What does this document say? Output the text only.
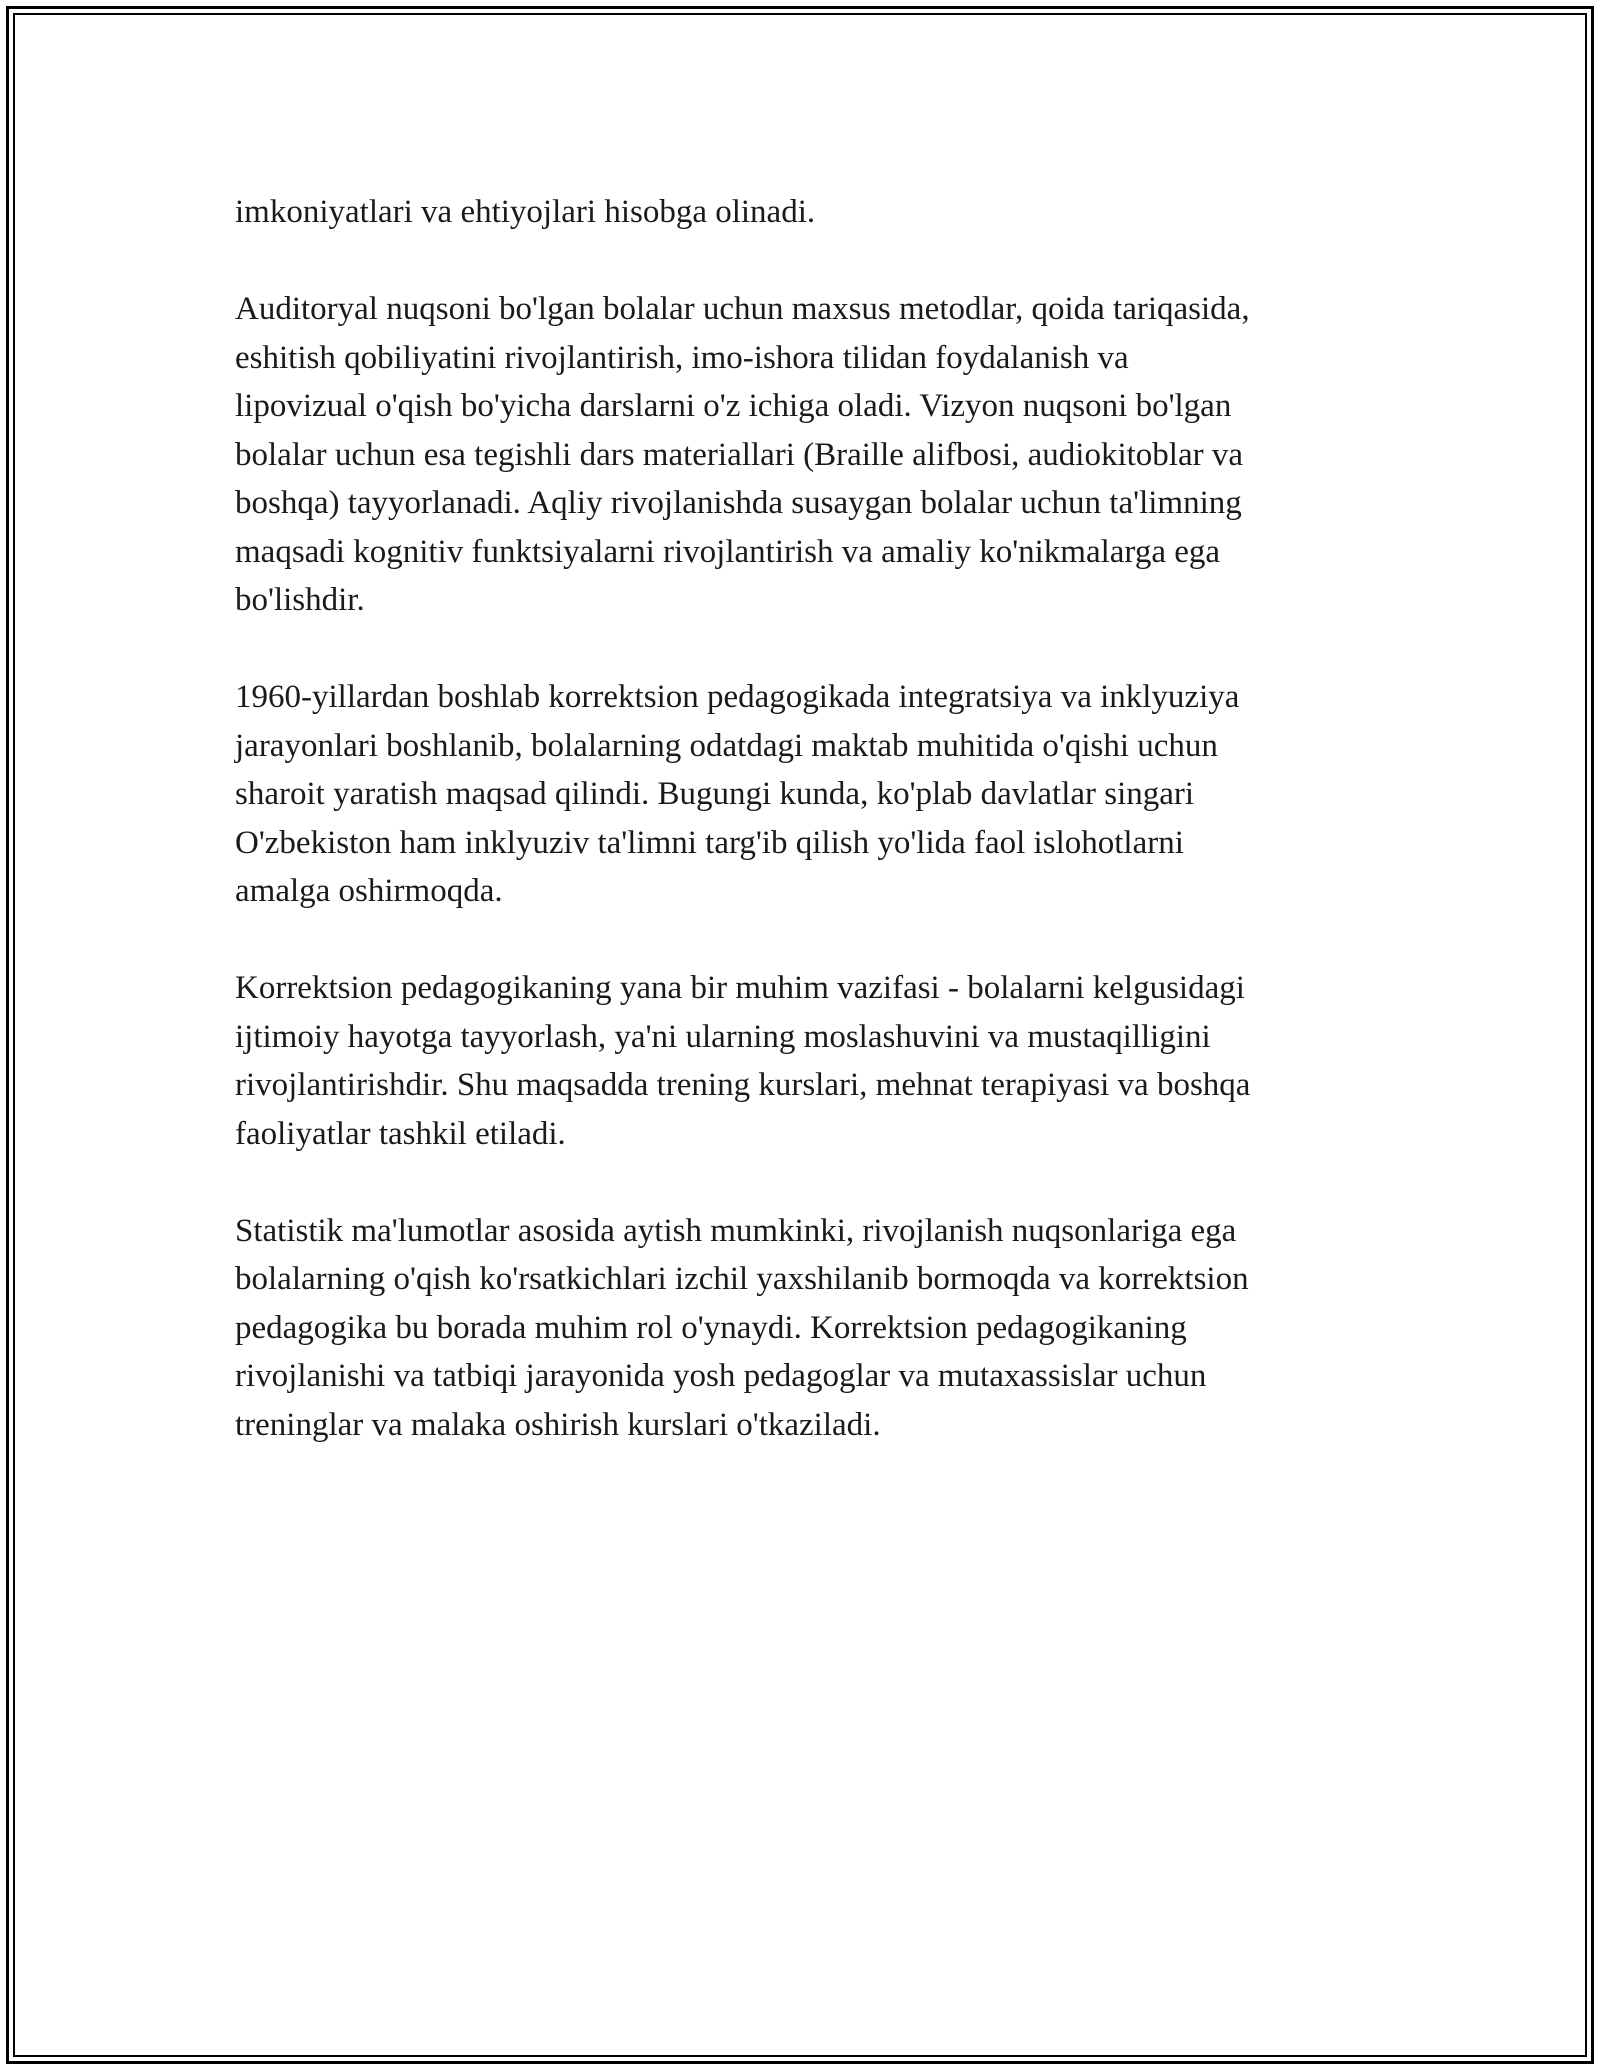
imkoniyatlari va ehtiyojlari hisobga olinadi.

Auditoryal nuqsoni bo'lgan bolalar uchun maxsus metodlar, qoida tariqasida,
eshitish qobiliyatini rivojlantirish, imo-ishora tilidan foydalanish va
lipovizual o'qish bo'yicha darslarni o'z ichiga oladi. Vizyon nuqsoni bo'lgan
bolalar uchun esa tegishli dars materiallari (Braille alifbosi, audiokitoblar va
boshqa) tayyorlanadi. Aqliy rivojlanishda susaygan bolalar uchun ta'limning
maqsadi kognitiv funktsiyalarni rivojlantirish va amaliy ko'nikmalarga ega
bo'lishdir.

1960-yillardan boshlab korrektsion pedagogikada integratsiya va inklyuziya
jarayonlari boshlanib, bolalarning odatdagi maktab muhitida o'qishi uchun
sharoit yaratish maqsad qilindi. Bugungi kunda, ko'plab davlatlar singari
O'zbekiston ham inklyuziv ta'limni targ'ib qilish yo'lida faol islohotlarni
amalga oshirmoqda.

Korrektsion pedagogikaning yana bir muhim vazifasi - bolalarni kelgusidagi
ijtimoiy hayotga tayyorlash, ya'ni ularning moslashuvini va mustaqilligini
rivojlantirishdir. Shu maqsadda trening kurslari, mehnat terapiyasi va boshqa
faoliyatlar tashkil etiladi.

Statistik ma'lumotlar asosida aytish mumkinki, rivojlanish nuqsonlariga ega
bolalarning o'qish ko'rsatkichlari izchil yaxshilanib bormoqda va korrektsion
pedagogika bu borada muhim rol o'ynaydi. Korrektsion pedagogikaning
rivojlanishi va tatbiqi jarayonida yosh pedagoglar va mutaxassislar uchun
treninglar va malaka oshirish kurslari o'tkaziladi.
